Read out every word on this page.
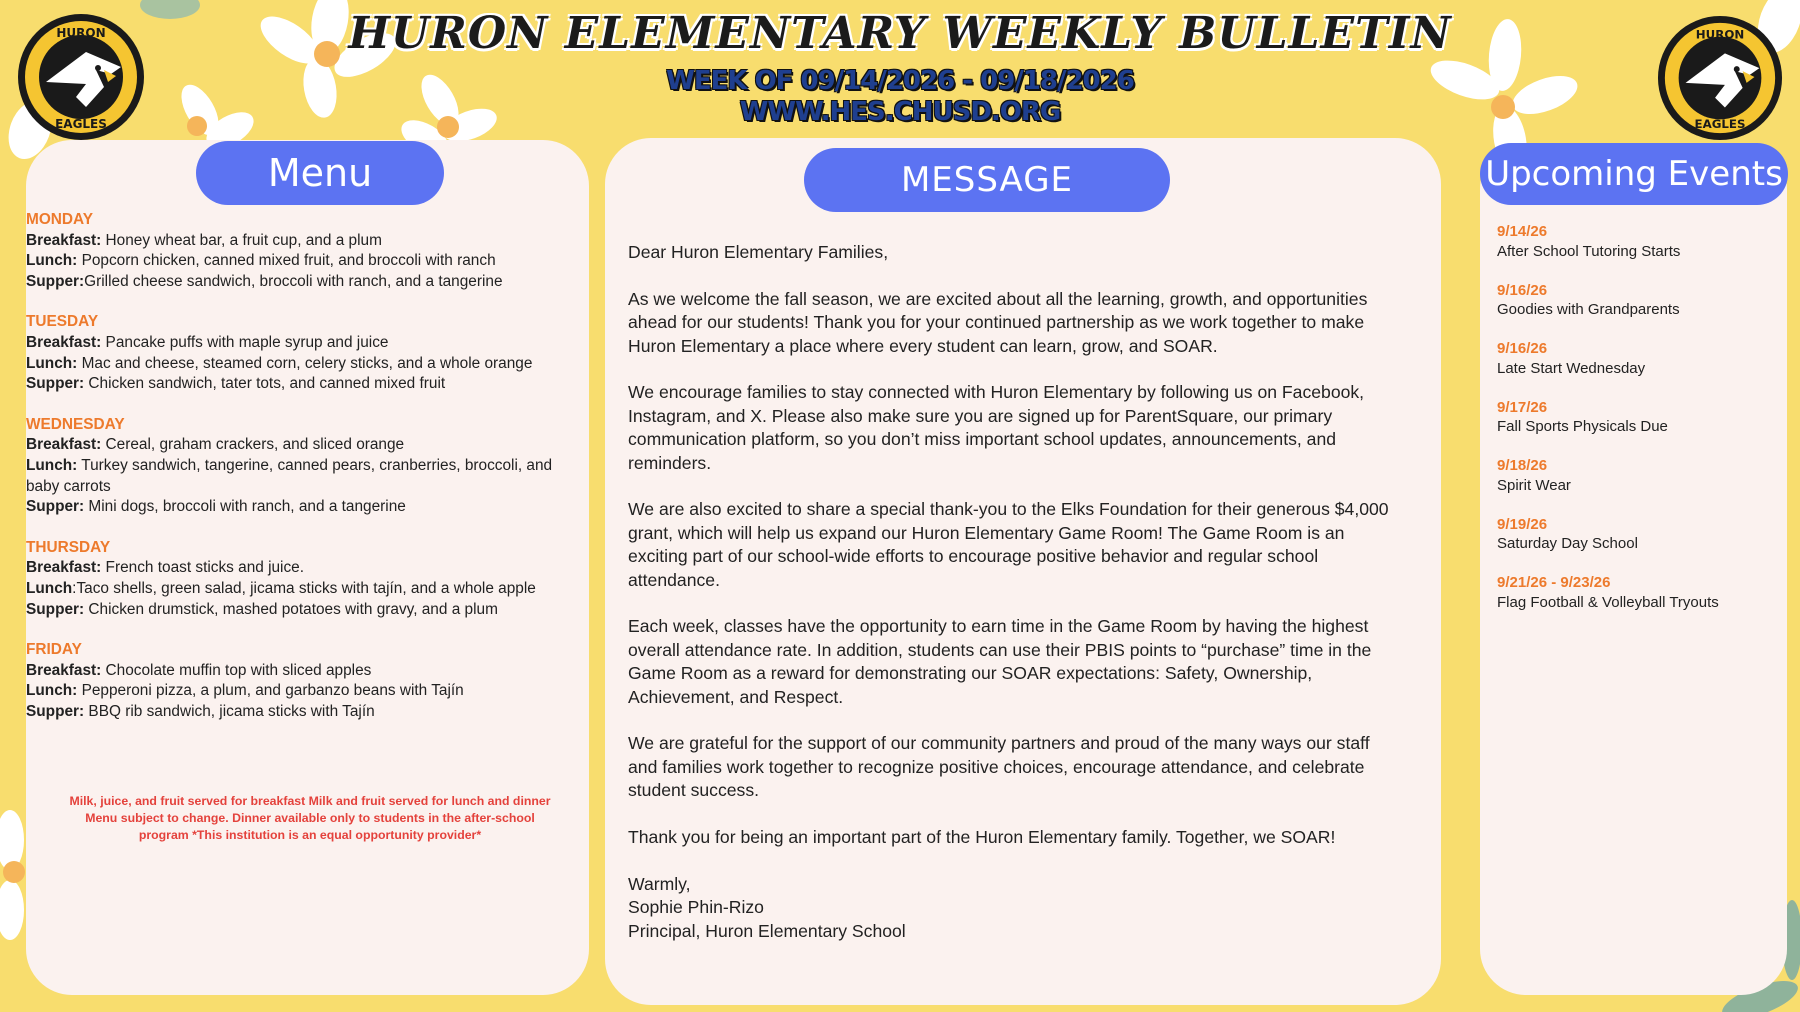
HURON ELEMENTARY WEEKLY BULLETIN
WEEK OF 09/14/2026 - 09/18/2026
WWW.HES.CHUSD.ORG
HURON
EAGLES
HURON
EAGLES
Menu
MONDAY
Breakfast: Honey wheat bar, a fruit cup, and a plum
Lunch: Popcorn chicken, canned mixed fruit, and broccoli with ranch
Supper:Grilled cheese sandwich, broccoli with ranch, and a tangerine
TUESDAY
Breakfast: Pancake puffs with maple syrup and juice
Lunch: Mac and cheese, steamed corn, celery sticks, and a whole orange
Supper: Chicken sandwich, tater tots, and canned mixed fruit
WEDNESDAY
Breakfast: Cereal, graham crackers, and sliced orange
Lunch: Turkey sandwich, tangerine, canned pears, cranberries, broccoli, and baby carrots
Supper: Mini dogs, broccoli with ranch, and a tangerine
THURSDAY
Breakfast: French toast sticks and juice.
Lunch:Taco shells, green salad, jicama sticks with tajín, and a whole apple
Supper: Chicken drumstick, mashed potatoes with gravy, and a plum
FRIDAY
Breakfast: Chocolate muffin top with sliced apples
Lunch: Pepperoni pizza, a plum, and garbanzo beans with Tajín
Supper: BBQ rib sandwich, jicama sticks with Tajín
Milk, juice, and fruit served for breakfast Milk and fruit served for lunch and dinner Menu subject to change. Dinner available only to students in the after-school program *This institution is an equal opportunity provider*
MESSAGE

Dear Huron Elementary Families,

As we welcome the fall season, we are excited about all the learning, growth, and opportunities ahead for our students! Thank you for your continued partnership as we work together to make Huron Elementary a place where every student can learn, grow, and SOAR.

We encourage families to stay connected with Huron Elementary by following us on Facebook, Instagram, and X. Please also make sure you are signed up for ParentSquare, our primary communication platform, so you don’t miss important school updates, announcements, and reminders.

We are also excited to share a special thank-you to the Elks Foundation for their generous $4,000 grant, which will help us expand our Huron Elementary Game Room! The Game Room is an exciting part of our school-wide efforts to encourage positive behavior and regular school attendance.

Each week, classes have the opportunity to earn time in the Game Room by having the highest overall attendance rate. In addition, students can use their PBIS points to “purchase” time in the Game Room as a reward for demonstrating our SOAR expectations: Safety, Ownership, Achievement, and Respect.

We are grateful for the support of our community partners and proud of the many ways our staff and families work together to recognize positive choices, encourage attendance, and celebrate student success.

Thank you for being an important part of the Huron Elementary family. Together, we SOAR!

Warmly,
Sophie Phin-Rizo
Principal, Huron Elementary School
Upcoming Events
9/14/26
After School Tutoring Starts
9/16/26
Goodies with Grandparents
9/16/26
Late Start Wednesday
9/17/26
Fall Sports Physicals Due
9/18/26
Spirit Wear
9/19/26
Saturday Day School
9/21/26 - 9/23/26
Flag Football & Volleyball Tryouts
